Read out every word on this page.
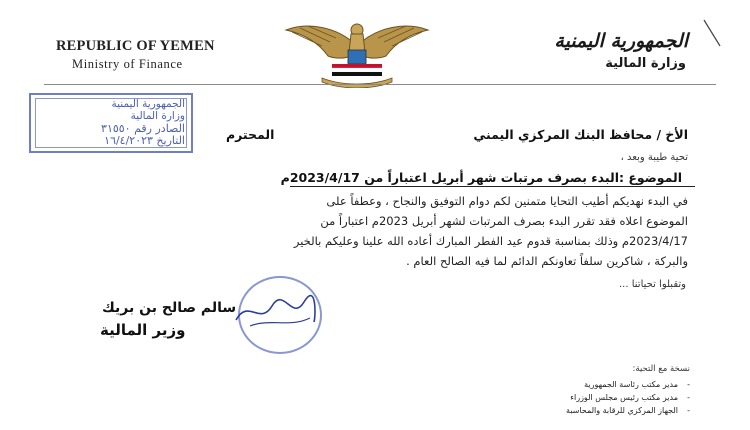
REPUBLIC OF YEMEN
Ministry of Finance
الجمهورية اليمنية
وزارة المالية
الجمهورية اليمنية
وزارة المالية
الصادر رقم ٣١٥٥٠
التاريخ ١٦/٤/٢٠٢٣	الأخ / محافظ البنك المركزي اليمني
المحترم
تحية طيبة وبعد ،
الموضوع :البدء بصرف مرتبات شهر أبريل اعتباراً من 2023/4/17م
في البدء نهديكم أطيب التحايا متمنين لكم دوام التوفيق والنجاح ، وعطفاً على
الموضوع اعلاه فقد تقرر البدء بصرف المرتبات لشهر أبريل 2023م اعتباراً من
2023/4/17م وذلك بمناسبة قدوم عيد الفطر المبارك أعاده الله علينا وعليكم بالخير
والبركة ، شاكرين سلفاً تعاونكم الدائم لما فيه الصالح العام .
وتقبلوا تحياتنا ...
سالم صالح بن بريك
وزير المالية
نسخة مع التحية:
مدير مكتب رئاسة الجمهورية -
مدير مكتب رئيس مجلس الوزراء -
الجهاز المركزي للرقابة والمحاسبة -
